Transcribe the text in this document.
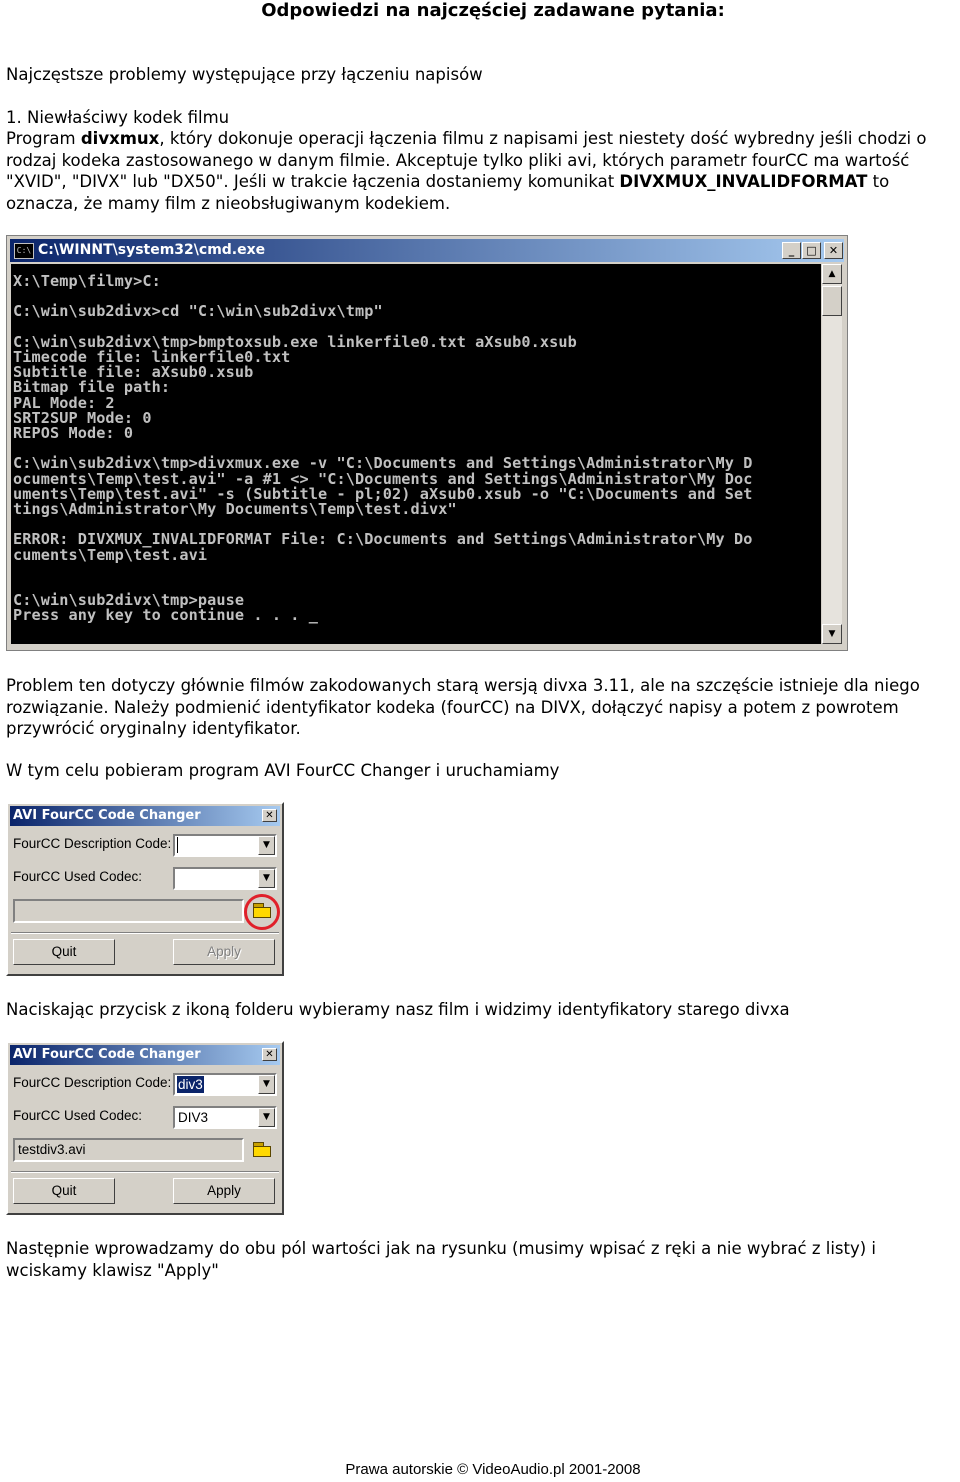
Odpowiedzi na najczęściej zadawane pytania:

Najczęstsze problemy występujące przy łączeniu napisów

1. Niewłaściwy kodek filmu

Program divxmux, który dokonuje operacji łączenia filmu z napisami jest niestety dość wybredny jeśli chodzi o rodzaj kodeka zastosowanego w danym filmie. Akceptuje tylko pliki avi, których parametr fourCC ma wartość "XVID", "DIVX" lub "DX50". Jeśli w trakcie łączenia dostaniemy komunikat DIVXMUX_INVALIDFORMAT to oznacza, że mamy film z nieobsługiwanym kodekiem.

C:\ C:\WINNT\system32\cmd.exe	_	□	✕
X:\Temp\filmy>C:
C:\win\sub2divx>cd "C:\win\sub2divx\tmp"
C:\win\sub2divx\tmp>bmptoxsub.exe linkerfile0.txt aXsub0.xsub
Timecode file: linkerfile0.txt
Subtitle file: aXsub0.xsub
Bitmap file path:
PAL Mode: 2
SRT2SUP Mode: 0
REPOS Mode: 0
C:\win\sub2divx\tmp>divxmux.exe -v "C:\Documents and Settings\Administrator\My D
ocuments\Temp\test.avi" -a #1 <> "C:\Documents and Settings\Administrator\My Doc
uments\Temp\test.avi" -s (Subtitle - pl;02) aXsub0.xsub -o "C:\Documents and Set
tings\Administrator\My Documents\Temp\test.divx"
ERROR: DIVXMUX_INVALIDFORMAT File: C:\Documents and Settings\Administrator\My Do
cuments\Temp\test.avi
C:\win\sub2divx\tmp>pause
Press any key to continue . . . _
▲
▼

Problem ten dotyczy głównie filmów zakodowanych starą wersją divxa 3.11, ale na szczęście istnieje dla niego rozwiązanie. Należy podmienić identyfikator kodeka (fourCC) na DIVX, dołączyć napisy a potem z powrotem przywrócić oryginalny identyfikator.

W tym celu pobieram program AVI FourCC Changer i uruchamiamy

AVI FourCC Code Changer	✕
FourCC Description Code:	▼
FourCC Used Codec:	▼
Quit	Apply

Naciskając przycisk z ikoną folderu wybieramy nasz film i widzimy identyfikatory starego divxa

AVI FourCC Code Changer	✕
FourCC Description Code: div3	▼
FourCC Used Codec:	DIV3	▼
testdiv3.avi
Quit	Apply

Następnie wprowadzamy do obu pól wartości jak na rysunku (musimy wpisać z ręki a nie wybrać z listy) i wciskamy klawisz "Apply"

Prawa autorskie © VideoAudio.pl 2001-2008
